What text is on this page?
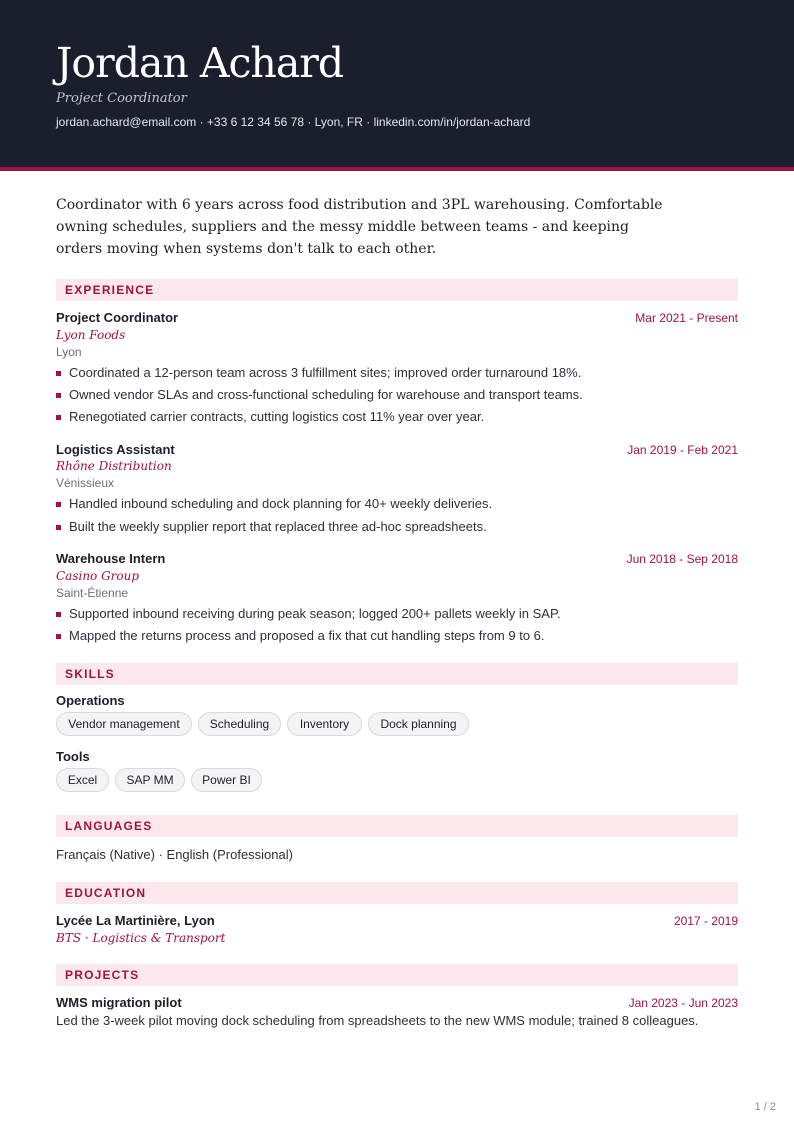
Jordan Achard
Project Coordinator
jordan.achard@email.com · +33 6 12 34 56 78 · Lyon, FR · linkedin.com/in/jordan-achard
Coordinator with 6 years across food distribution and 3PL warehousing. Comfortable owning schedules, suppliers and the messy middle between teams - and keeping orders moving when systems don't talk to each other.
EXPERIENCE
Project Coordinator	Mar 2021 - Present
Lyon Foods
Lyon
Coordinated a 12-person team across 3 fulfillment sites; improved order turnaround 18%.
Owned vendor SLAs and cross-functional scheduling for warehouse and transport teams.
Renegotiated carrier contracts, cutting logistics cost 11% year over year.
Logistics Assistant	Jan 2019 - Feb 2021
Rhône Distribution
Vénissieux
Handled inbound scheduling and dock planning for 40+ weekly deliveries.
Built the weekly supplier report that replaced three ad-hoc spreadsheets.
Warehouse Intern	Jun 2018 - Sep 2018
Casino Group
Saint-Étienne
Supported inbound receiving during peak season; logged 200+ pallets weekly in SAP.
Mapped the returns process and proposed a fix that cut handling steps from 9 to 6.
SKILLS
Operations
Vendor management	Scheduling	Inventory	Dock planning
Tools
Excel	SAP MM	Power BI
LANGUAGES
Français (Native) · English (Professional)
EDUCATION
Lycée La Martinière, Lyon	2017 - 2019
BTS · Logistics & Transport
PROJECTS
WMS migration pilot	Jan 2023 - Jun 2023
Led the 3-week pilot moving dock scheduling from spreadsheets to the new WMS module; trained 8 colleagues.
1 / 2
